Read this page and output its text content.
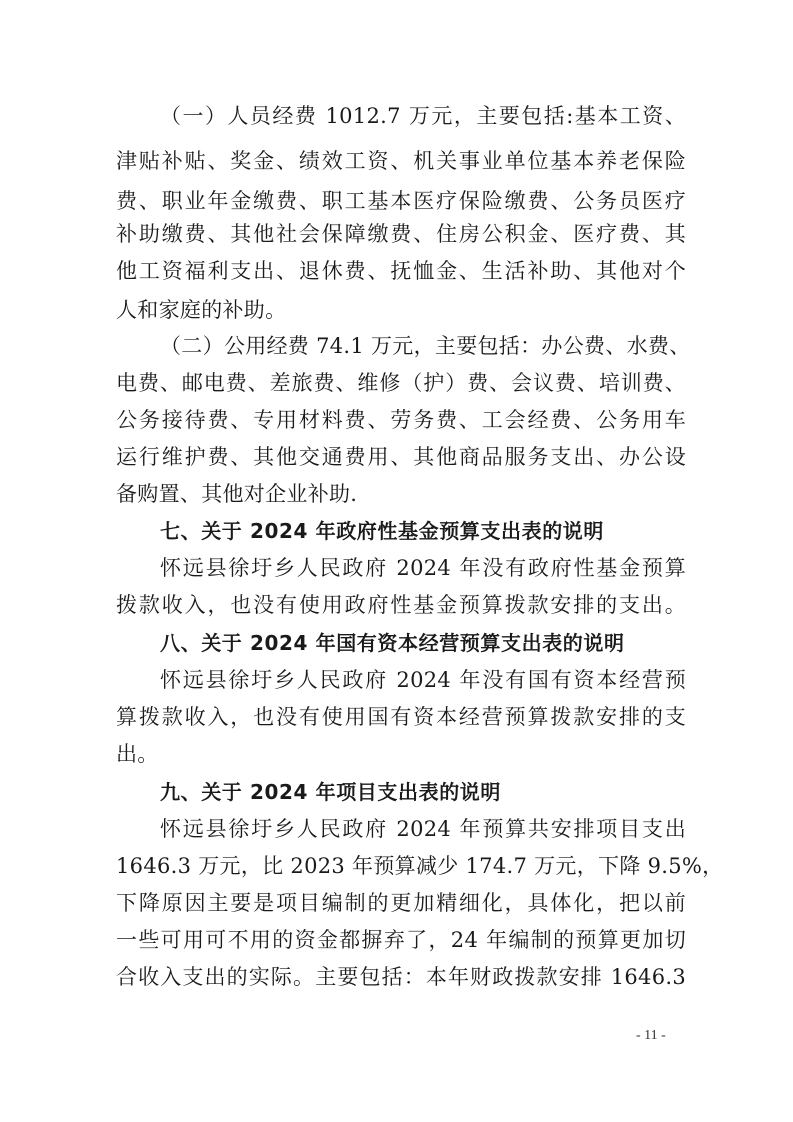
（一）人员经费 1012.7 万元，主要包括:基本工资、
津贴补贴、奖金、绩效工资、机关事业单位基本养老保险
费、职业年金缴费、职工基本医疗保险缴费、公务员医疗
补助缴费、其他社会保障缴费、住房公积金、医疗费、其
他工资福利支出、退休费、抚恤金、生活补助、其他对个
人和家庭的补助。
（二）公用经费 74.1 万元，主要包括：办公费、水费、
电费、邮电费、差旅费、维修（护）费、会议费、培训费、
公务接待费、专用材料费、劳务费、工会经费、公务用车
运行维护费、其他交通费用、其他商品服务支出、办公设
备购置、其他对企业补助.
七、关于 2024 年政府性基金预算支出表的说明
怀远县徐圩乡人民政府 2024 年没有政府性基金预算
拨款收入，也没有使用政府性基金预算拨款安排的支出。
八、关于 2024 年国有资本经营预算支出表的说明
怀远县徐圩乡人民政府 2024 年没有国有资本经营预
算拨款收入，也没有使用国有资本经营预算拨款安排的支
出。
九、关于 2024 年项目支出表的说明
怀远县徐圩乡人民政府 2024 年预算共安排项目支出
1646.3 万元，比 2023 年预算减少 174.7 万元，下降 9.5%，
下降原因主要是项目编制的更加精细化，具体化，把以前
一些可用可不用的资金都摒弃了，24 年编制的预算更加切
合收入支出的实际。主要包括：本年财政拨款安排 1646.3
- 11 -
